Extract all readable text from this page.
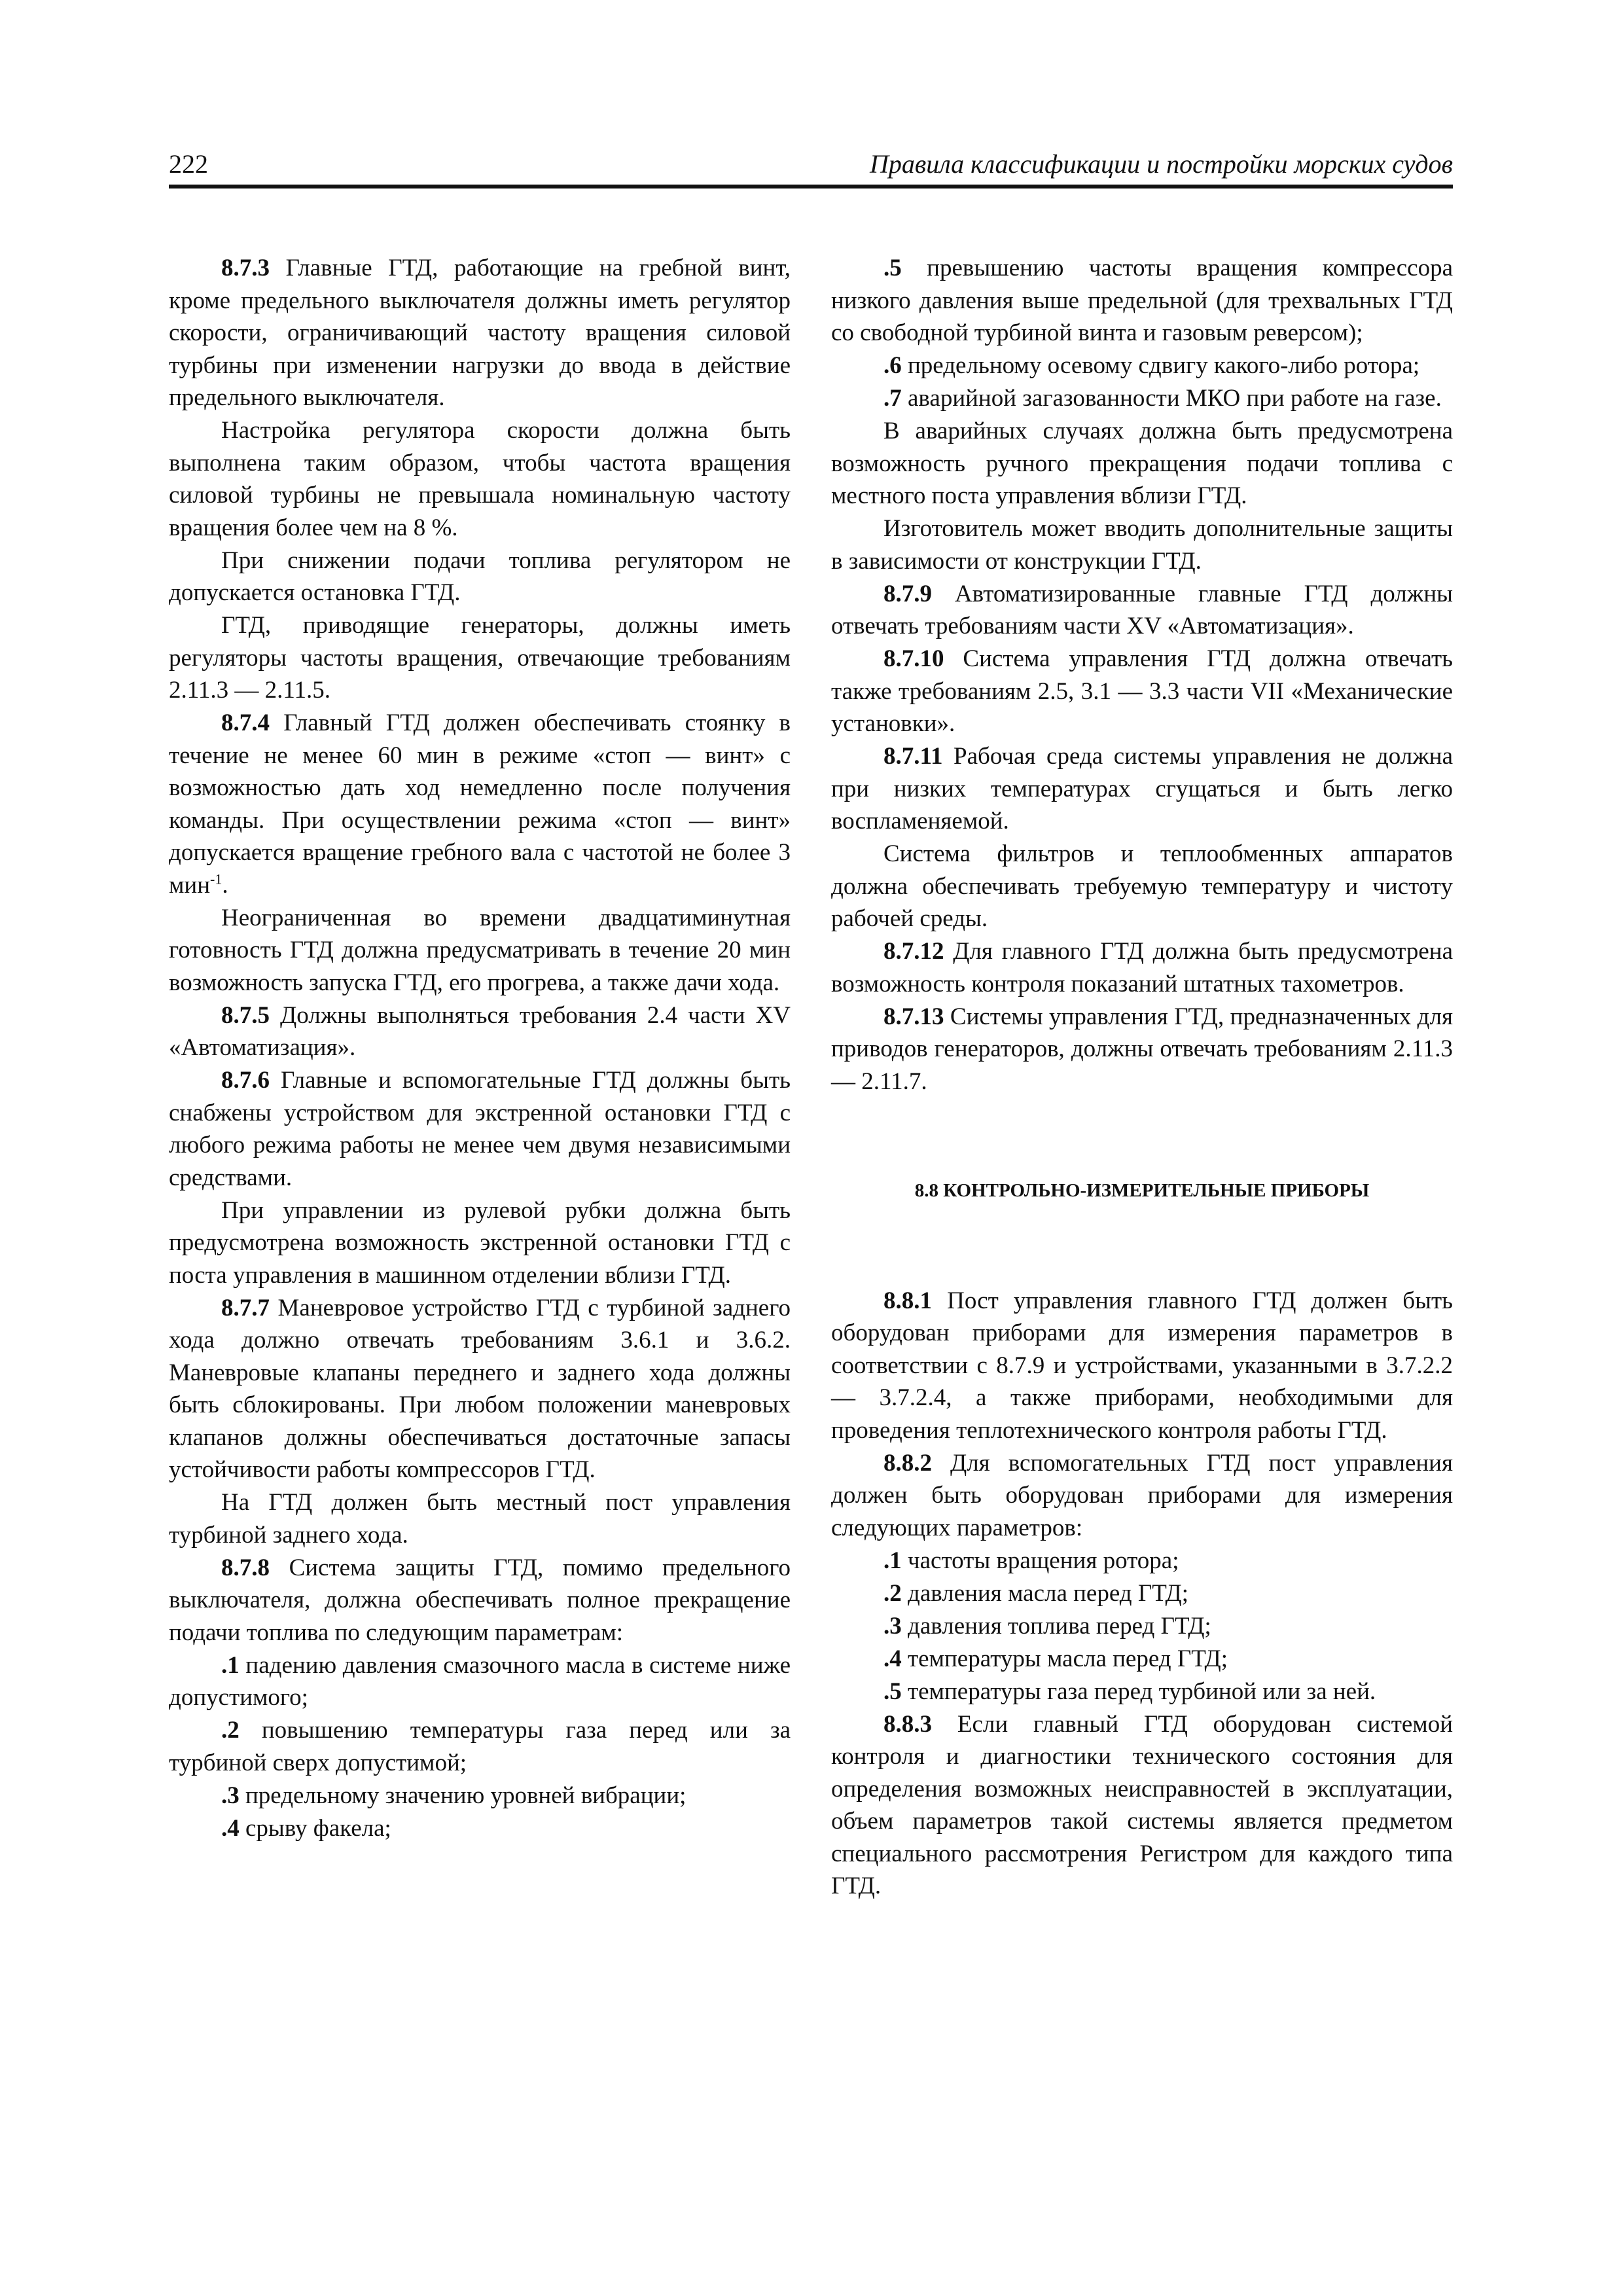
222	Правила классификации и постройки морских судов

8.7.3 Главные ГТД, работающие на гребной винт, кроме предельного выключателя должны иметь регулятор скорости, ограничивающий частоту вращения силовой турбины при изменении нагрузки до ввода в действие предельного выключателя.

Настройка регулятора скорости должна быть выполнена таким образом, чтобы частота вращения силовой турбины не превышала номинальную частоту вращения более чем на 8 %.

При снижении подачи топлива регулятором не допускается остановка ГТД.

ГТД, приводящие генераторы, должны иметь регуляторы частоты вращения, отвечающие требованиям 2.11.3 — 2.11.5.

8.7.4 Главный ГТД должен обеспечивать стоянку в течение не менее 60 мин в режиме «стоп — винт» с возможностью дать ход немедленно после получения команды. При осуществлении режима «стоп — винт» допускается вращение гребного вала с частотой не более 3 мин$^{-1}$.

Неограниченная во времени двадцатиминутная готовность ГТД должна предусматривать в течение 20 мин возможность запуска ГТД, его прогрева, а также дачи хода.

8.7.5 Должны выполняться требования 2.4 части XV «Автоматизация».

8.7.6 Главные и вспомогательные ГТД должны быть снабжены устройством для экстренной остановки ГТД с любого режима работы не менее чем двумя независимыми средствами.

При управлении из рулевой рубки должна быть предусмотрена возможность экстренной остановки ГТД с поста управления в машинном отделении вблизи ГТД.

8.7.7 Маневровое устройство ГТД с турбиной заднего хода должно отвечать требованиям 3.6.1 и 3.6.2. Маневровые клапаны переднего и заднего хода должны быть сблокированы. При любом положении маневровых клапанов должны обеспечиваться достаточные запасы устойчивости работы компрессоров ГТД.

На ГТД должен быть местный пост управления турбиной заднего хода.

8.7.8 Система защиты ГТД, помимо предельного выключателя, должна обеспечивать полное прекращение подачи топлива по следующим параметрам:

.1 падению давления смазочного масла в системе ниже допустимого;

.2 повышению температуры газа перед или за турбиной сверх допустимой;

.3 предельному значению уровней вибрации;

.4 срыву факела;

.5 превышению частоты вращения компрессора низкого давления выше предельной (для трехвальных ГТД со свободной турбиной винта и газовым реверсом);

.6 предельному осевому сдвигу какого-либо ротора;

.7 аварийной загазованности МКО при работе на газе.

В аварийных случаях должна быть предусмотрена возможность ручного прекращения подачи топлива с местного поста управления вблизи ГТД.

Изготовитель может вводить дополнительные защиты в зависимости от конструкции ГТД.

8.7.9 Автоматизированные главные ГТД должны отвечать требованиям части XV «Автоматизация».

8.7.10 Система управления ГТД должна отвечать также требованиям 2.5, 3.1 — 3.3 части VII «Механические установки».

8.7.11 Рабочая среда системы управления не должна при низких температурах сгущаться и быть легко воспламеняемой.

Система фильтров и теплообменных аппаратов должна обеспечивать требуемую температуру и чистоту рабочей среды.

8.7.12 Для главного ГТД должна быть предусмотрена возможность контроля показаний штатных тахометров.

8.7.13 Системы управления ГТД, предназначенных для приводов генераторов, должны отвечать требованиям 2.11.3 — 2.11.7.

8.8 КОНТРОЛЬНО-ИЗМЕРИТЕЛЬНЫЕ ПРИБОРЫ

8.8.1 Пост управления главного ГТД должен быть оборудован приборами для измерения параметров в соответствии с 8.7.9 и устройствами, указанными в 3.7.2.2 — 3.7.2.4, а также приборами, необходимыми для проведения теплотехнического контроля работы ГТД.

8.8.2 Для вспомогательных ГТД пост управления должен быть оборудован приборами для измерения следующих параметров:

.1 частоты вращения ротора;

.2 давления масла перед ГТД;

.3 давления топлива перед ГТД;

.4 температуры масла перед ГТД;

.5 температуры газа перед турбиной или за ней.

8.8.3 Если главный ГТД оборудован системой контроля и диагностики технического состояния для определения возможных неисправностей в эксплуатации, объем параметров такой системы является предметом специального рассмотрения Регистром для каждого типа ГТД.
